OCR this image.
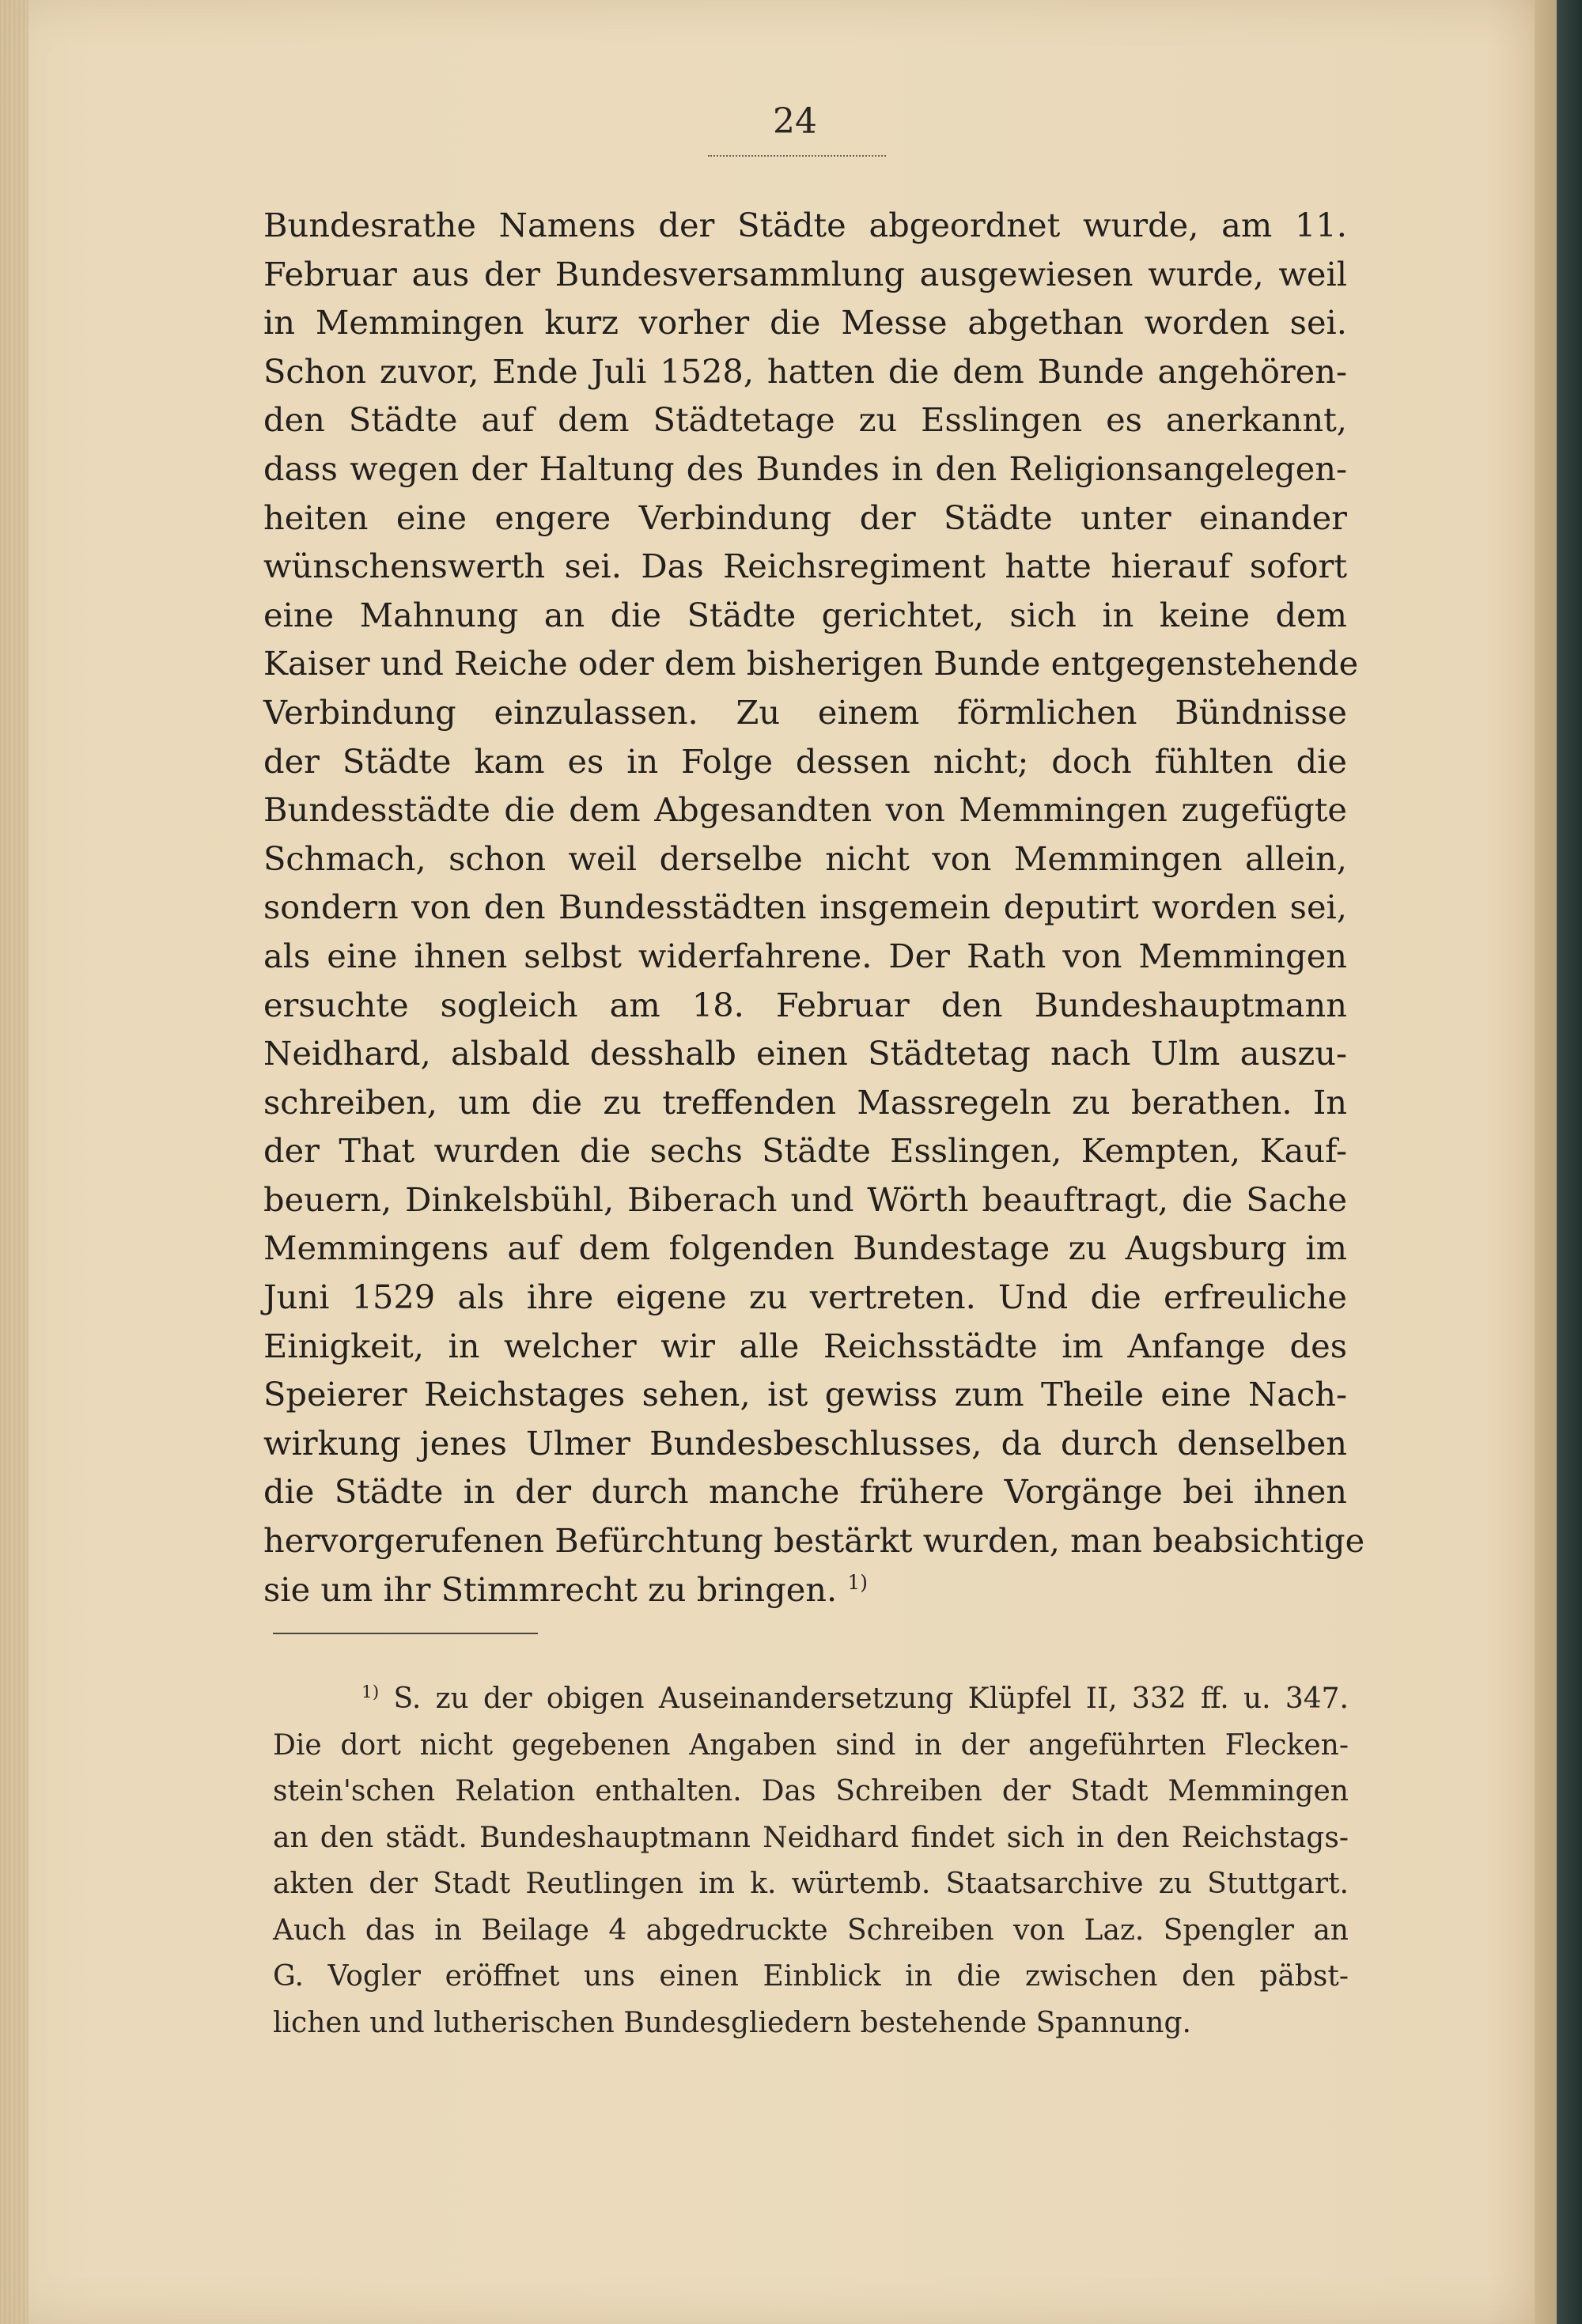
24
Bundesrathe Namens der Städte abgeordnet wurde, am 11.
Februar aus der Bundesversammlung ausgewiesen wurde, weil
in Memmingen kurz vorher die Messe abgethan worden sei.
Schon zuvor, Ende Juli 1528, hatten die dem Bunde angehören-
den Städte auf dem Städtetage zu Esslingen es anerkannt,
dass wegen der Haltung des Bundes in den Religionsangelegen-
heiten eine engere Verbindung der Städte unter einander
wünschenswerth sei. Das Reichsregiment hatte hierauf sofort
eine Mahnung an die Städte gerichtet, sich in keine dem
Kaiser und Reiche oder dem bisherigen Bunde entgegenstehende
Verbindung einzulassen. Zu einem förmlichen Bündnisse
der Städte kam es in Folge dessen nicht; doch fühlten die
Bundesstädte die dem Abgesandten von Memmingen zugefügte
Schmach, schon weil derselbe nicht von Memmingen allein,
sondern von den Bundesstädten insgemein deputirt worden sei,
als eine ihnen selbst widerfahrene. Der Rath von Memmingen
ersuchte sogleich am 18. Februar den Bundeshauptmann
Neidhard, alsbald desshalb einen Städtetag nach Ulm auszu-
schreiben, um die zu treffenden Massregeln zu berathen. In
der That wurden die sechs Städte Esslingen, Kempten, Kauf-
beuern, Dinkelsbühl, Biberach und Wörth beauftragt, die Sache
Memmingens auf dem folgenden Bundestage zu Augsburg im
Juni 1529 als ihre eigene zu vertreten. Und die erfreuliche
Einigkeit, in welcher wir alle Reichsstädte im Anfange des
Speierer Reichstages sehen, ist gewiss zum Theile eine Nach-
wirkung jenes Ulmer Bundesbeschlusses, da durch denselben
die Städte in der durch manche frühere Vorgänge bei ihnen
hervorgerufenen Befürchtung bestärkt wurden, man beabsichtige
sie um ihr Stimmrecht zu bringen. $^{1)}$
$^{1)}$ S. zu der obigen Auseinandersetzung Klüpfel II, 332 ff. u. 347.
Die dort nicht gegebenen Angaben sind in der angeführten Flecken-
stein'schen Relation enthalten. Das Schreiben der Stadt Memmingen
an den städt. Bundeshauptmann Neidhard findet sich in den Reichstags-
akten der Stadt Reutlingen im k. würtemb. Staatsarchive zu Stuttgart.
Auch das in Beilage 4 abgedruckte Schreiben von Laz. Spengler an
G. Vogler eröffnet uns einen Einblick in die zwischen den päbst-
lichen und lutherischen Bundesgliedern bestehende Spannung.
